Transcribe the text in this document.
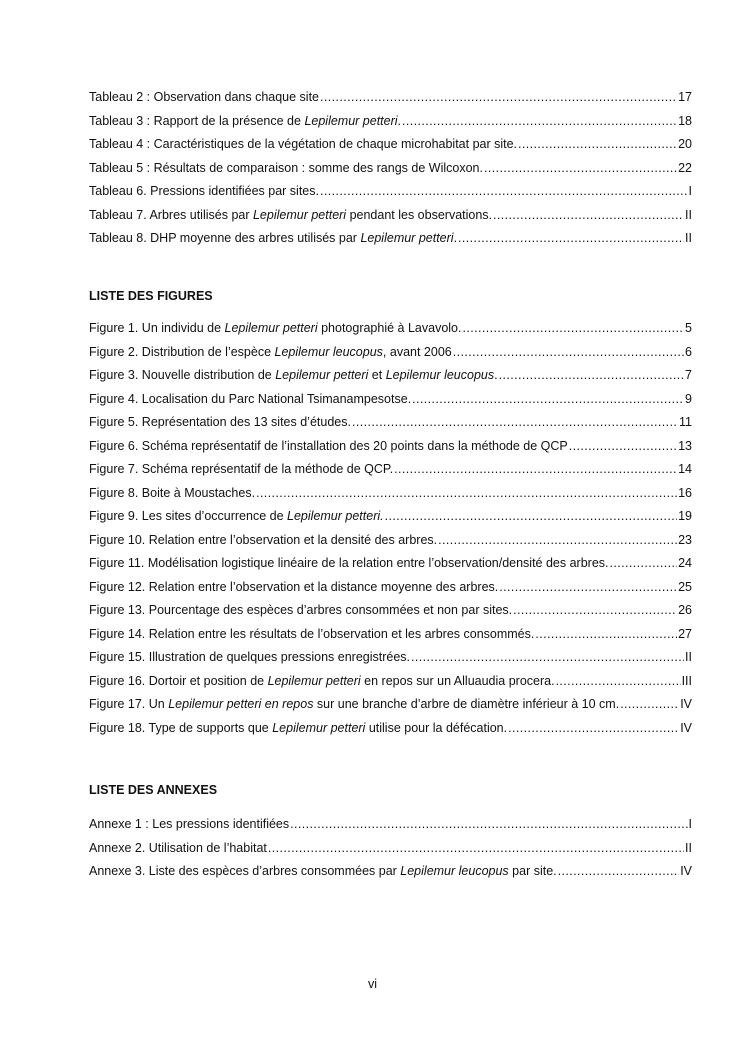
Tableau 2 : Observation dans chaque site .....	17
Tableau 3 : Rapport de la présence de Lepilemur petteri. .....	18
Tableau 4 : Caractéristiques de la végétation de chaque microhabitat par site. .....	20
Tableau 5 : Résultats de comparaison : somme des rangs de Wilcoxon. .....	22
Tableau 6. Pressions identifiées par sites. .....	I
Tableau 7. Arbres utilisés par Lepilemur petteri pendant les observations. .....	II
Tableau 8. DHP moyenne des arbres utilisés par Lepilemur petteri. .....	II
LISTE DES FIGURES
Figure 1. Un individu de Lepilemur petteri photographié à Lavavolo. .....	5
Figure 2. Distribution de l’espèce Lepilemur leucopus, avant 2006 .....	6
Figure 3. Nouvelle distribution de Lepilemur petteri et Lepilemur leucopus. .....	7
Figure 4. Localisation du Parc National Tsimanampesotse. .....	9
Figure 5. Représentation des 13 sites d’études. .....	11
Figure 6. Schéma représentatif de l’installation des 20 points dans la méthode de QCP .....	13
Figure 7. Schéma représentatif de la méthode de QCP. .....	14
Figure 8. Boite à Moustaches. .....	16
Figure 9. Les sites d’occurrence de Lepilemur petteri. .....	19
Figure 10. Relation entre l’observation et la densité des arbres. .....	23
Figure 11. Modélisation logistique linéaire de la relation entre l’observation/densité des arbres. .....	24
Figure 12. Relation entre l’observation et la distance moyenne des arbres. .....	25
Figure 13. Pourcentage des espèces d’arbres consommées et non par sites. .....	26
Figure 14. Relation entre les résultats de l’observation et les arbres consommés. .....	27
Figure 15. Illustration de quelques pressions enregistrées. .....	II
Figure 16. Dortoir et position de Lepilemur petteri en repos sur un Alluaudia procera. .....	III
Figure 17. Un Lepilemur petteri en repos sur une branche d’arbre de diamètre inférieur à 10 cm. .....	IV
Figure 18. Type de supports que Lepilemur petteri utilise pour la défécation. .....	IV
LISTE DES ANNEXES
Annexe 1 : Les pressions identifiées .....	I
Annexe 2. Utilisation de l’habitat .....	II
Annexe 3. Liste des espèces d’arbres consommées par Lepilemur leucopus par site. .....	IV
vi
